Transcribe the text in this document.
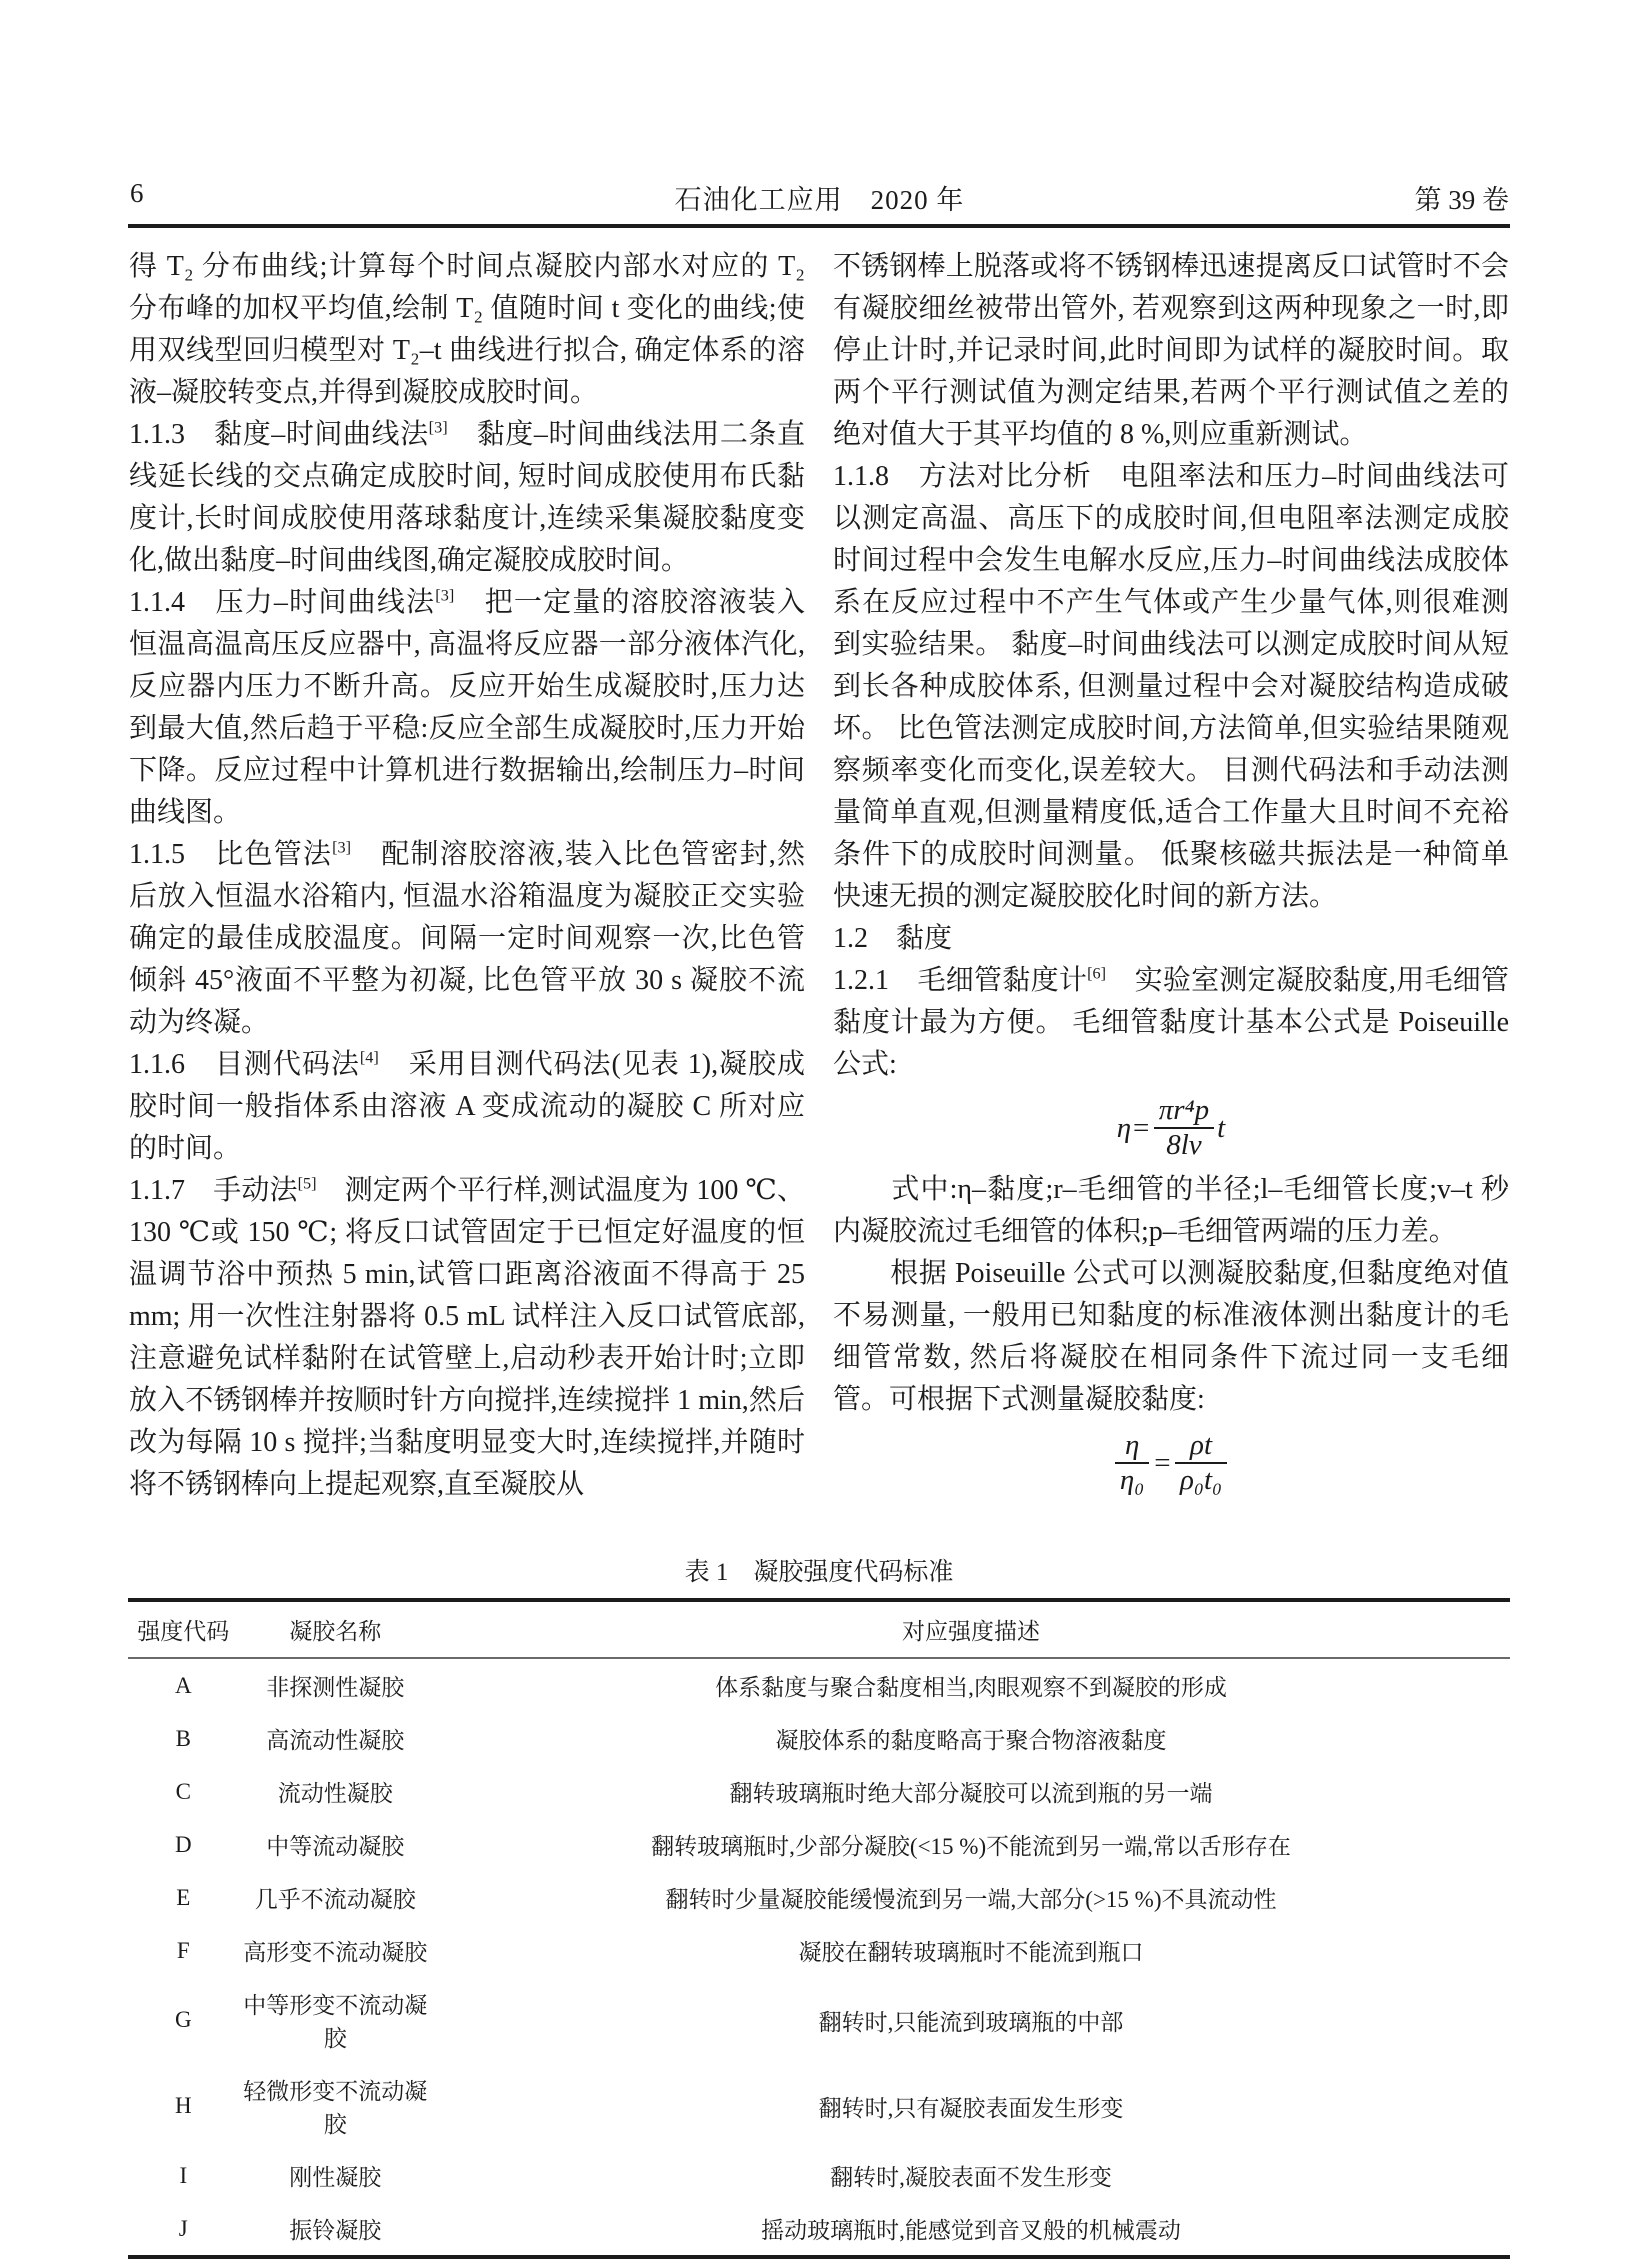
6	石油化工应用　2020 年	第 39 卷

得 T₂ 分布曲线;计算每个时间点凝胶内部水对应的 T₂ 分布峰的加权平均值,绘制 T₂ 值随时间 t 变化的曲线;使用双线型回归模型对 T₂–t 曲线进行拟合, 确定体系的溶液–凝胶转变点,并得到凝胶成胶时间。

1.1.3　黏度–时间曲线法[3]　黏度–时间曲线法用二条直线延长线的交点确定成胶时间, 短时间成胶使用布氏黏度计,长时间成胶使用落球黏度计,连续采集凝胶黏度变化,做出黏度–时间曲线图,确定凝胶成胶时间。

1.1.4　压力–时间曲线法[3]　把一定量的溶胶溶液装入恒温高温高压反应器中, 高温将反应器一部分液体汽化,反应器内压力不断升高。反应开始生成凝胶时,压力达到最大值,然后趋于平稳:反应全部生成凝胶时,压力开始下降。反应过程中计算机进行数据输出,绘制压力–时间曲线图。

1.1.5　比色管法[3]　配制溶胶溶液,装入比色管密封,然后放入恒温水浴箱内, 恒温水浴箱温度为凝胶正交实验确定的最佳成胶温度。间隔一定时间观察一次,比色管倾斜 45°液面不平整为初凝, 比色管平放 30 s 凝胶不流动为终凝。

1.1.6　目测代码法[4]　采用目测代码法(见表 1),凝胶成胶时间一般指体系由溶液 A 变成流动的凝胶 C 所对应的时间。

1.1.7　手动法[5]　测定两个平行样,测试温度为 100 ℃、130 ℃或 150 ℃; 将反口试管固定于已恒定好温度的恒温调节浴中预热 5 min,试管口距离浴液面不得高于 25 mm; 用一次性注射器将 0.5 mL 试样注入反口试管底部,注意避免试样黏附在试管壁上,启动秒表开始计时;立即放入不锈钢棒并按顺时针方向搅拌,连续搅拌 1 min,然后改为每隔 10 s 搅拌;当黏度明显变大时,连续搅拌,并随时将不锈钢棒向上提起观察,直至凝胶从

不锈钢棒上脱落或将不锈钢棒迅速提离反口试管时不会有凝胶细丝被带出管外, 若观察到这两种现象之一时,即停止计时,并记录时间,此时间即为试样的凝胶时间。取两个平行测试值为测定结果,若两个平行测试值之差的绝对值大于其平均值的 8 %,则应重新测试。

1.1.8　方法对比分析　电阻率法和压力–时间曲线法可以测定高温、高压下的成胶时间,但电阻率法测定成胶时间过程中会发生电解水反应,压力–时间曲线法成胶体系在反应过程中不产生气体或产生少量气体,则很难测到实验结果。 黏度–时间曲线法可以测定成胶时间从短到长各种成胶体系, 但测量过程中会对凝胶结构造成破坏。 比色管法测定成胶时间,方法简单,但实验结果随观察频率变化而变化,误差较大。 目测代码法和手动法测量简单直观,但测量精度低,适合工作量大且时间不充裕条件下的成胶时间测量。 低聚核磁共振法是一种简单快速无损的测定凝胶胶化时间的新方法。

1.2　黏度

1.2.1　毛细管黏度计[6]　实验室测定凝胶黏度,用毛细管黏度计最为方便。 毛细管黏度计基本公式是 Poiseuille 公式:

$\eta= \frac{\text{πr⁴p}}{8lv}$ t

　　式中:η–黏度;r–毛细管的半径;l–毛细管长度;v–t 秒内凝胶流过毛细管的体积;p–毛细管两端的压力差。

　　根据 Poiseuille 公式可以测凝胶黏度,但黏度绝对值不易测量, 一般用已知黏度的标准液体测出黏度计的毛细管常数, 然后将凝胶在相同条件下流过同一支毛细管。可根据下式测量凝胶黏度:

$\frac{\eta}{\text{η₀}} = \frac{\rho t}{\text{ρ₀t₀}}$
表 1　凝胶强度代码标准
强度代码	凝胶名称	对应强度描述
A	非探测性凝胶	体系黏度与聚合黏度相当,肉眼观察不到凝胶的形成
B	高流动性凝胶	凝胶体系的黏度略高于聚合物溶液黏度
C	流动性凝胶	翻转玻璃瓶时绝大部分凝胶可以流到瓶的另一端
D	中等流动凝胶	翻转玻璃瓶时,少部分凝胶(<15 %)不能流到另一端,常以舌形存在
E	几乎不流动凝胶	翻转时少量凝胶能缓慢流到另一端,大部分(>15 %)不具流动性
F	高形变不流动凝胶	凝胶在翻转玻璃瓶时不能流到瓶口
G	中等形变不流动凝胶	翻转时,只能流到玻璃瓶的中部
H	轻微形变不流动凝胶	翻转时,只有凝胶表面发生形变
I	刚性凝胶	翻转时,凝胶表面不发生形变
J	振铃凝胶	摇动玻璃瓶时,能感觉到音叉般的机械震动
